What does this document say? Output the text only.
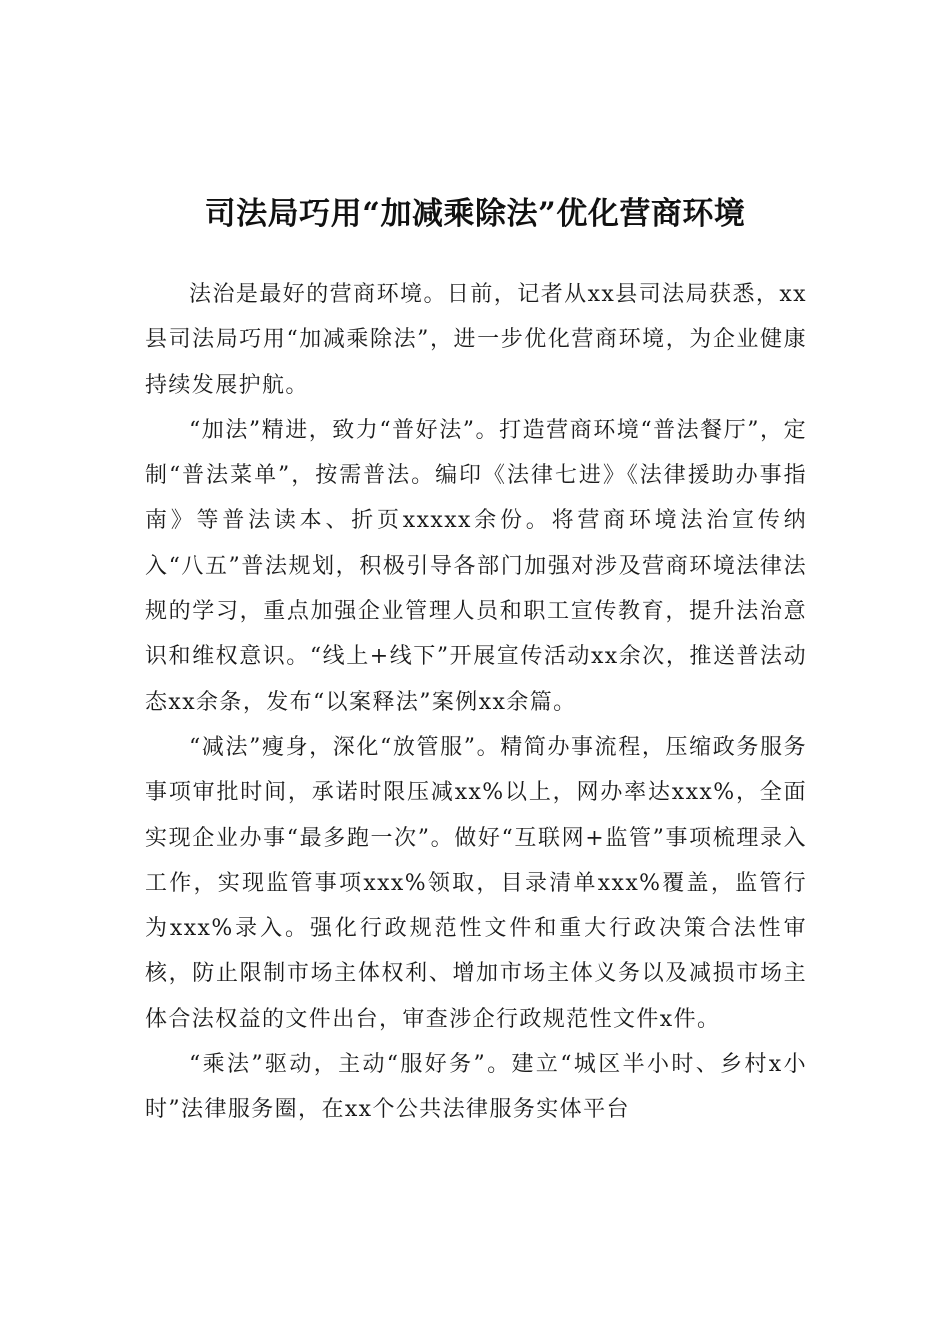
司法局巧用“加减乘除法”优化营商环境

法治是最好的营商环境。日前，记者从xx县司法局获悉，xx县司法局巧用“加减乘除法”，进一步优化营商环境，为企业健康持续发展护航。

“加法”精进，致力“普好法”。打造营商环境“普法餐厅”，定制“普法菜单”，按需普法。编印《法律七进》《法律援助办事指南》等普法读本、折页xxxxx余份。将营商环境法治宣传纳入“八五”普法规划，积极引导各部门加强对涉及营商环境法律法规的学习，重点加强企业管理人员和职工宣传教育，提升法治意识和维权意识。“线上+线下”开展宣传活动xx余次，推送普法动态xx余条，发布“以案释法”案例xx余篇。

“减法”瘦身，深化“放管服”。精简办事流程，压缩政务服务事项审批时间，承诺时限压减xx%以上，网办率达xxx%，全面实现企业办事“最多跑一次”。做好“互联网+监管”事项梳理录入工作，实现监管事项xxx%领取，目录清单xxx%覆盖，监管行为xxx%录入。强化行政规范性文件和重大行政决策合法性审核，防止限制市场主体权利、增加市场主体义务以及减损市场主体合法权益的文件出台，审查涉企行政规范性文件x件。

“乘法”驱动，主动“服好务”。建立“城区半小时、乡村x小时”法律服务圈，在xx个公共法律服务实体平台
